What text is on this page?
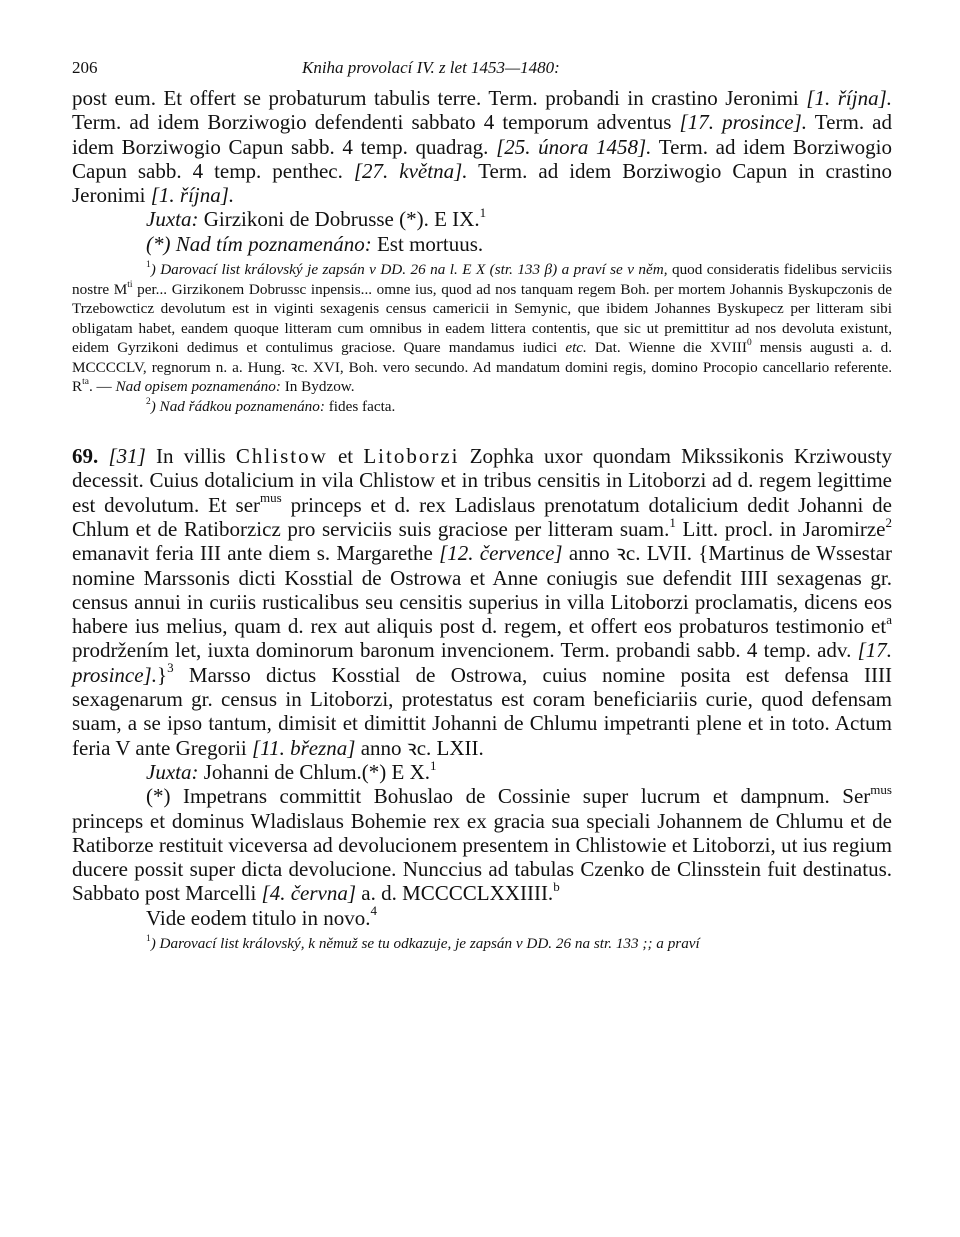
206	Kniha provolací IV. z let 1453—1480:

post eum. Et offert se probaturum tabulis terre. Term. probandi in crastino Jeronimi [1. října]. Term. ad idem Borziwogio defendenti sabbato 4 temporum adventus [17. prosince]. Term. ad idem Borziwogio Capun sabb. 4 temp. quadrag. [25. února 1458]. Term. ad idem Borziwogio Capun sabb. 4 temp. penthec. [27. května]. Term. ad idem Borziwogio Capun in crastino Jeronimi [1. října].

Juxta: Girzikoni de Dobrusse (*). E IX.$^1$

(*) Nad tím poznamenáno: Est mortuus.

$^1$) Darovací list královský je zapsán v DD. 26 na l. E X (str. 133 β) a praví se v něm, quod consideratis fidelibus serviciis nostre $M^{ti}$ per... Girzikonem Dobrussc inpensis... omne ius, quod ad nos tanquam regem Boh. per mortem Johannis Byskupczonis de Trzebowcticz devolutum est in viginti sexagenis census camericii in Semynic, que ibidem Johannes Byskupecz per litteram sibi obligatam habet, eandem quoque litteram cum omnibus in eadem littera contentis, que sic ut premittitur ad nos devoluta existunt, eidem Gyrzikoni dedimus et contulimus graciose. Quare mandamus iudici etc. Dat. Wienne die XVIII$^0$ mensis augusti a. d. MCCCCLV, regnorum n. a. Hung. ꝛc. XVI, Boh. vero secundo. Ad mandatum domini regis, domino Procopio cancellario referente. $R^{ta}$. — Nad opisem poznamenáno: In Bydzow.

$^2$) Nad řádkou poznamenáno: fides facta.

69. [31] In villis Chlistow et Litoborzi Zophka uxor quondam Mikssikonis Krziwousty decessit. Cuius dotalicium in vila Chlistow et in tribus censitis in Litoborzi ad d. regem legittime est devolutum. Et ser$^{mus}$ princeps et d. rex Ladislaus prenotatum dotalicium dedit Johanni de Chlum et de Ratiborzicz pro serviciis suis graciose per litteram suam.$^1$ Litt. procl. in Jaromirze$^2$ emanavit feria III ante diem s. Margarethe [12. července] anno ꝛc. LVII. {Martinus de Wssestar nomine Marssonis dicti Kosstial de Ostrowa et Anne coniugis sue defendit IIII sexagenas gr. census annui in curiis rusticalibus seu censitis superius in villa Litoborzi proclamatis, dicens eos habere ius melius, quam d. rex aut aliquis post d. regem, et offert eos probaturos testimonio $et^a$ prodržením let, iuxta dominorum baronum invencionem. Term. probandi sabb. 4 temp. adv. [17. prosince].}$^3$ Marsso dictus Kosstial de Ostrowa, cuius nomine posita est defensa IIII sexagenarum gr. census in Litoborzi, protestatus est coram beneficiariis curie, quod defensam suam, a se ipso tantum, dimisit et dimittit Johanni de Chlumu impetranti plene et in toto. Actum feria V ante Gregorii [11. března] anno ꝛc. LXII.

Juxta: Johanni de Chlum.(*) E X.$^1$

(*) Impetrans committit Bohuslao de Cossinie super lucrum et dampnum. Ser$^{mus}$ princeps et dominus Wladislaus Bohemie rex ex gracia sua speciali Johannem de Chlumu et de Ratiborze restituit viceversa ad devolucionem presentem in Chlistowie et Litoborzi, ut ius regium ducere possit super dicta devolucione. Nunccius ad tabulas Czenko de Clinsstein fuit destinatus. Sabbato post Marcelli [4. června] a. d. MCCCCLXXIIII.$^b$

Vide eodem titulo in novo.$^4$

$^1$) Darovací list královský, k němuž se tu odkazuje, je zapsán v DD. 26 na str. 133 ;; a praví
